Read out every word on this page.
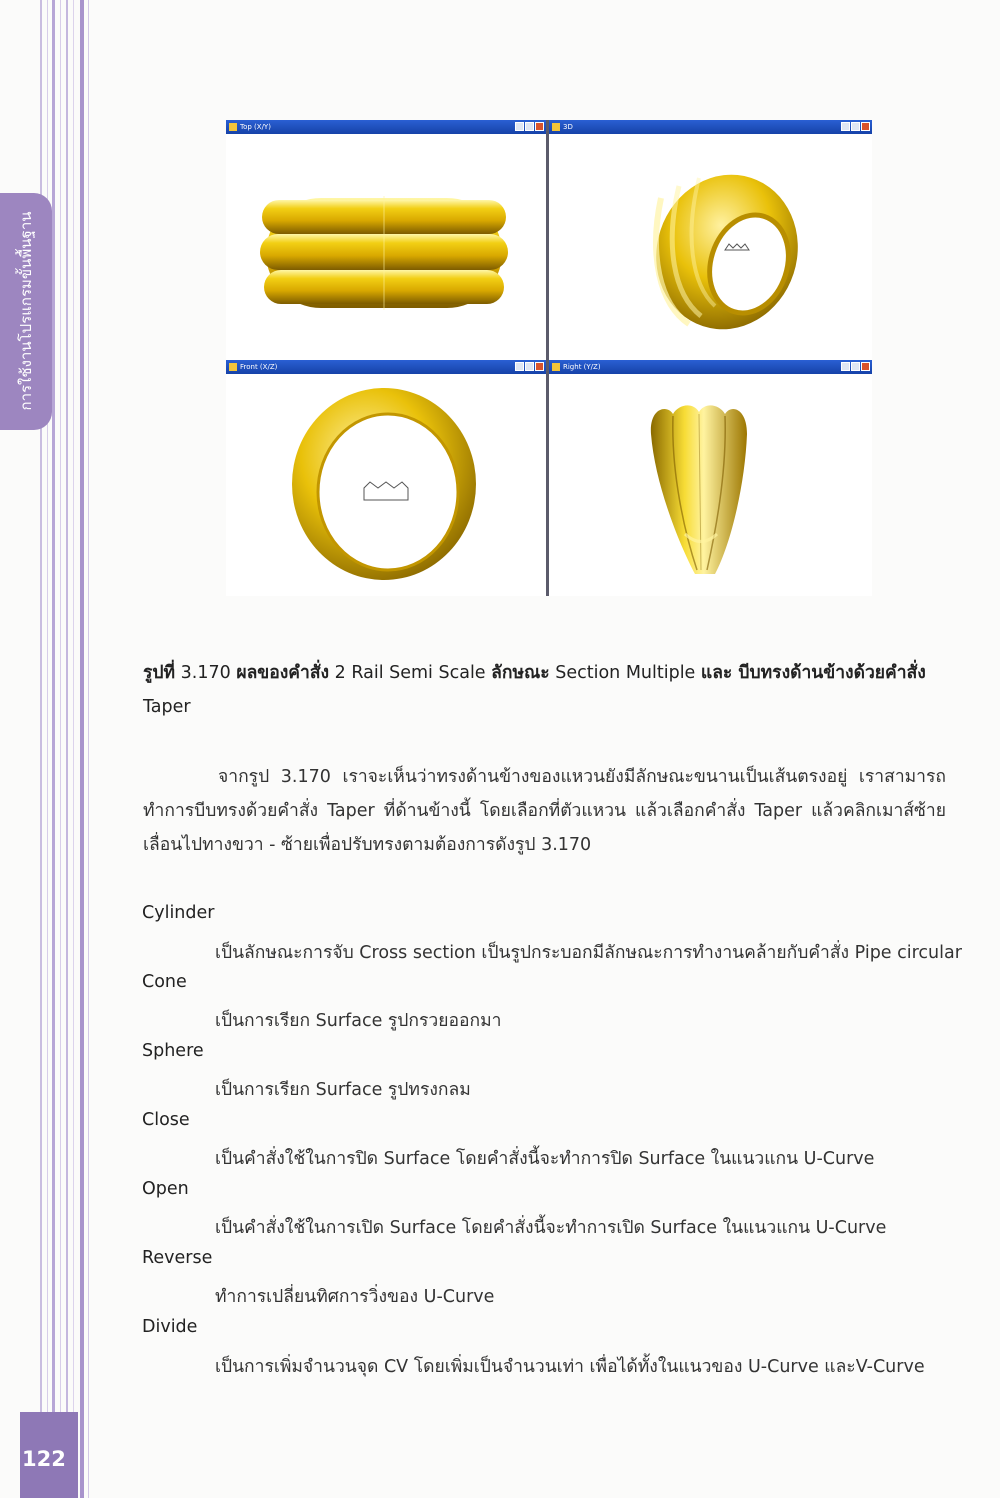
การใช้งานโปรแกรมขั้นพื้นฐาน
122
Top (X/Y)	3D
Front (X/Z)	Right (Y/Z)
รูปที่ 3.170 ผลของคำสั่ง 2 Rail Semi Scale ลักษณะ Section Multiple และ บีบทรงด้านข้างด้วยคำสั่ง Taper
จากรูป 3.170 เราจะเห็นว่าทรงด้านข้างของแหวนยังมีลักษณะขนานเป็นเส้นตรงอยู่ เราสามารถทำการบีบทรงด้วยคำสั่ง Taper ที่ด้านข้างนี้ โดยเลือกที่ตัวแหวน แล้วเลือกคำสั่ง Taper แล้วคลิกเมาส์ซ้าย เลื่อนไปทางขวา - ซ้ายเพื่อปรับทรงตามต้องการดังรูป 3.170
Cylinder
เป็นลักษณะการจับ Cross section เป็นรูปกระบอกมีลักษณะการทำงานคล้ายกับคำสั่ง Pipe circular
Cone
เป็นการเรียก Surface รูปกรวยออกมา
Sphere
เป็นการเรียก Surface รูปทรงกลม
Close
เป็นคำสั่งใช้ในการปิด Surface โดยคำสั่งนี้จะทำการปิด Surface ในแนวแกน U-Curve
Open
เป็นคำสั่งใช้ในการเปิด Surface โดยคำสั่งนี้จะทำการเปิด Surface ในแนวแกน U-Curve
Reverse
ทำการเปลี่ยนทิศการวิ่งของ U-Curve
Divide
เป็นการเพิ่มจำนวนจุด CV โดยเพิ่มเป็นจำนวนเท่า เพื่อได้ทั้งในแนวของ U-Curve และV-Curve
